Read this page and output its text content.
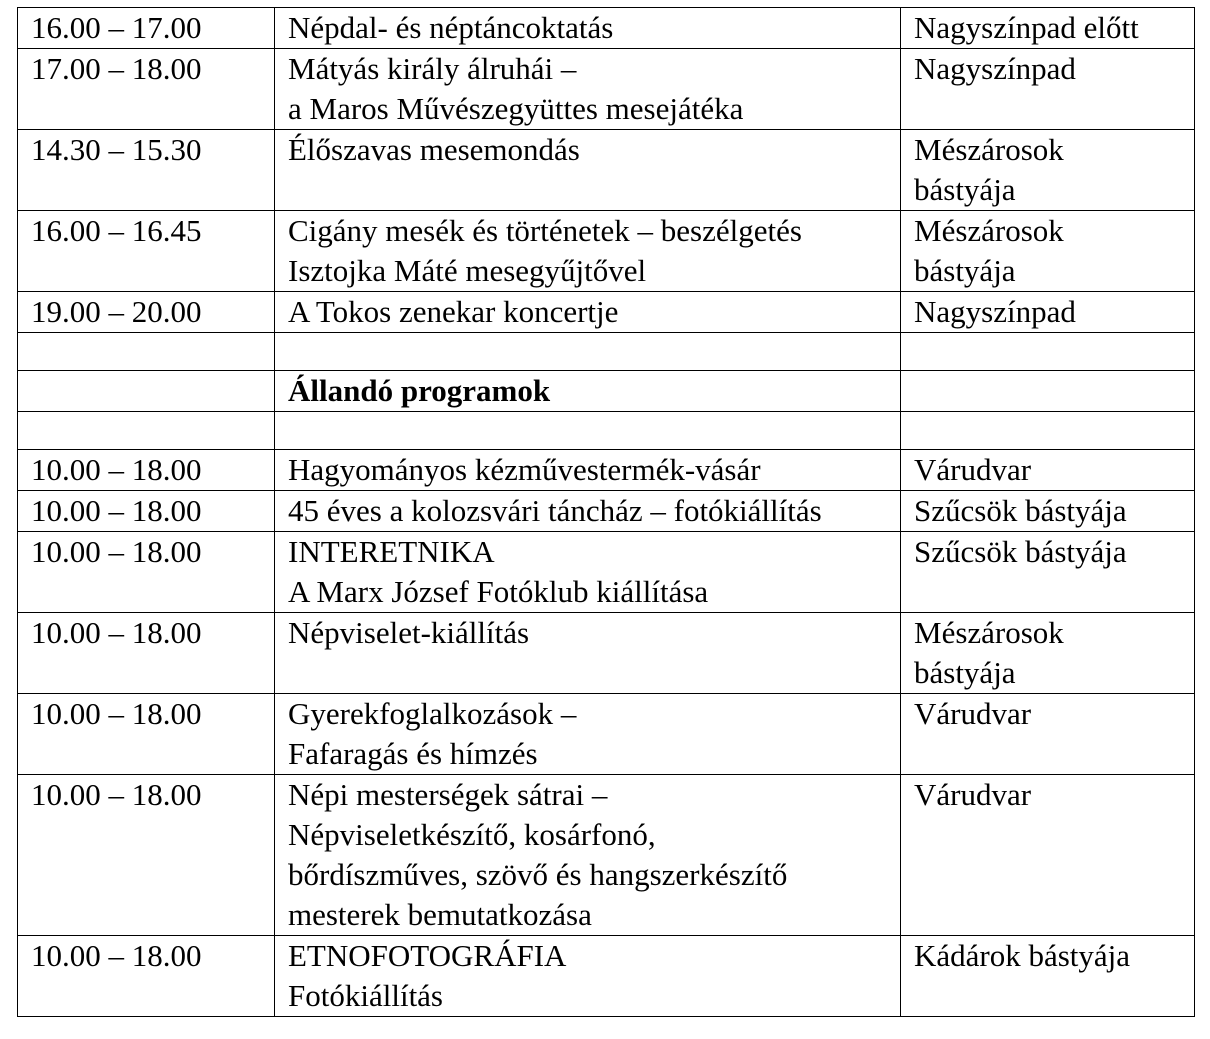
16.00 – 17.00	Népdal- és néptáncoktatás	Nagyszínpad előtt

17.00 – 18.00	Mátyás király álruhái –
a Maros Művészegyüttes mesejátéka	Nagyszínpad

14.30 – 15.30	Élőszavas mesemondás	Mészárosok
bástyája

16.00 – 16.45	Cigány mesék és történetek – beszélgetés
Isztojka Máté mesegyűjtővel	Mészárosok
bástyája

19.00 – 20.00	A Tokos zenekar koncertje	Nagyszínpad

	Állandó programok	

10.00 – 18.00	Hagyományos kézművestermék-vásár	Várudvar

10.00 – 18.00	45 éves a kolozsvári táncház – fotókiállítás	Szűcsök bástyája

10.00 – 18.00	INTERETNIKA
A Marx József Fotóklub kiállítása	Szűcsök bástyája

10.00 – 18.00	Népviselet-kiállítás	Mészárosok
bástyája

10.00 – 18.00	Gyerekfoglalkozások –
Fafaragás és hímzés	Várudvar

10.00 – 18.00	Népi mesterségek sátrai –
Népviseletkészítő, kosárfonó,
bőrdíszműves, szövő és hangszerkészítő
mesterek bemutatkozása	Várudvar

10.00 – 18.00	ETNOFOTOGRÁFIA
Fotókiállítás	Kádárok bástyája
